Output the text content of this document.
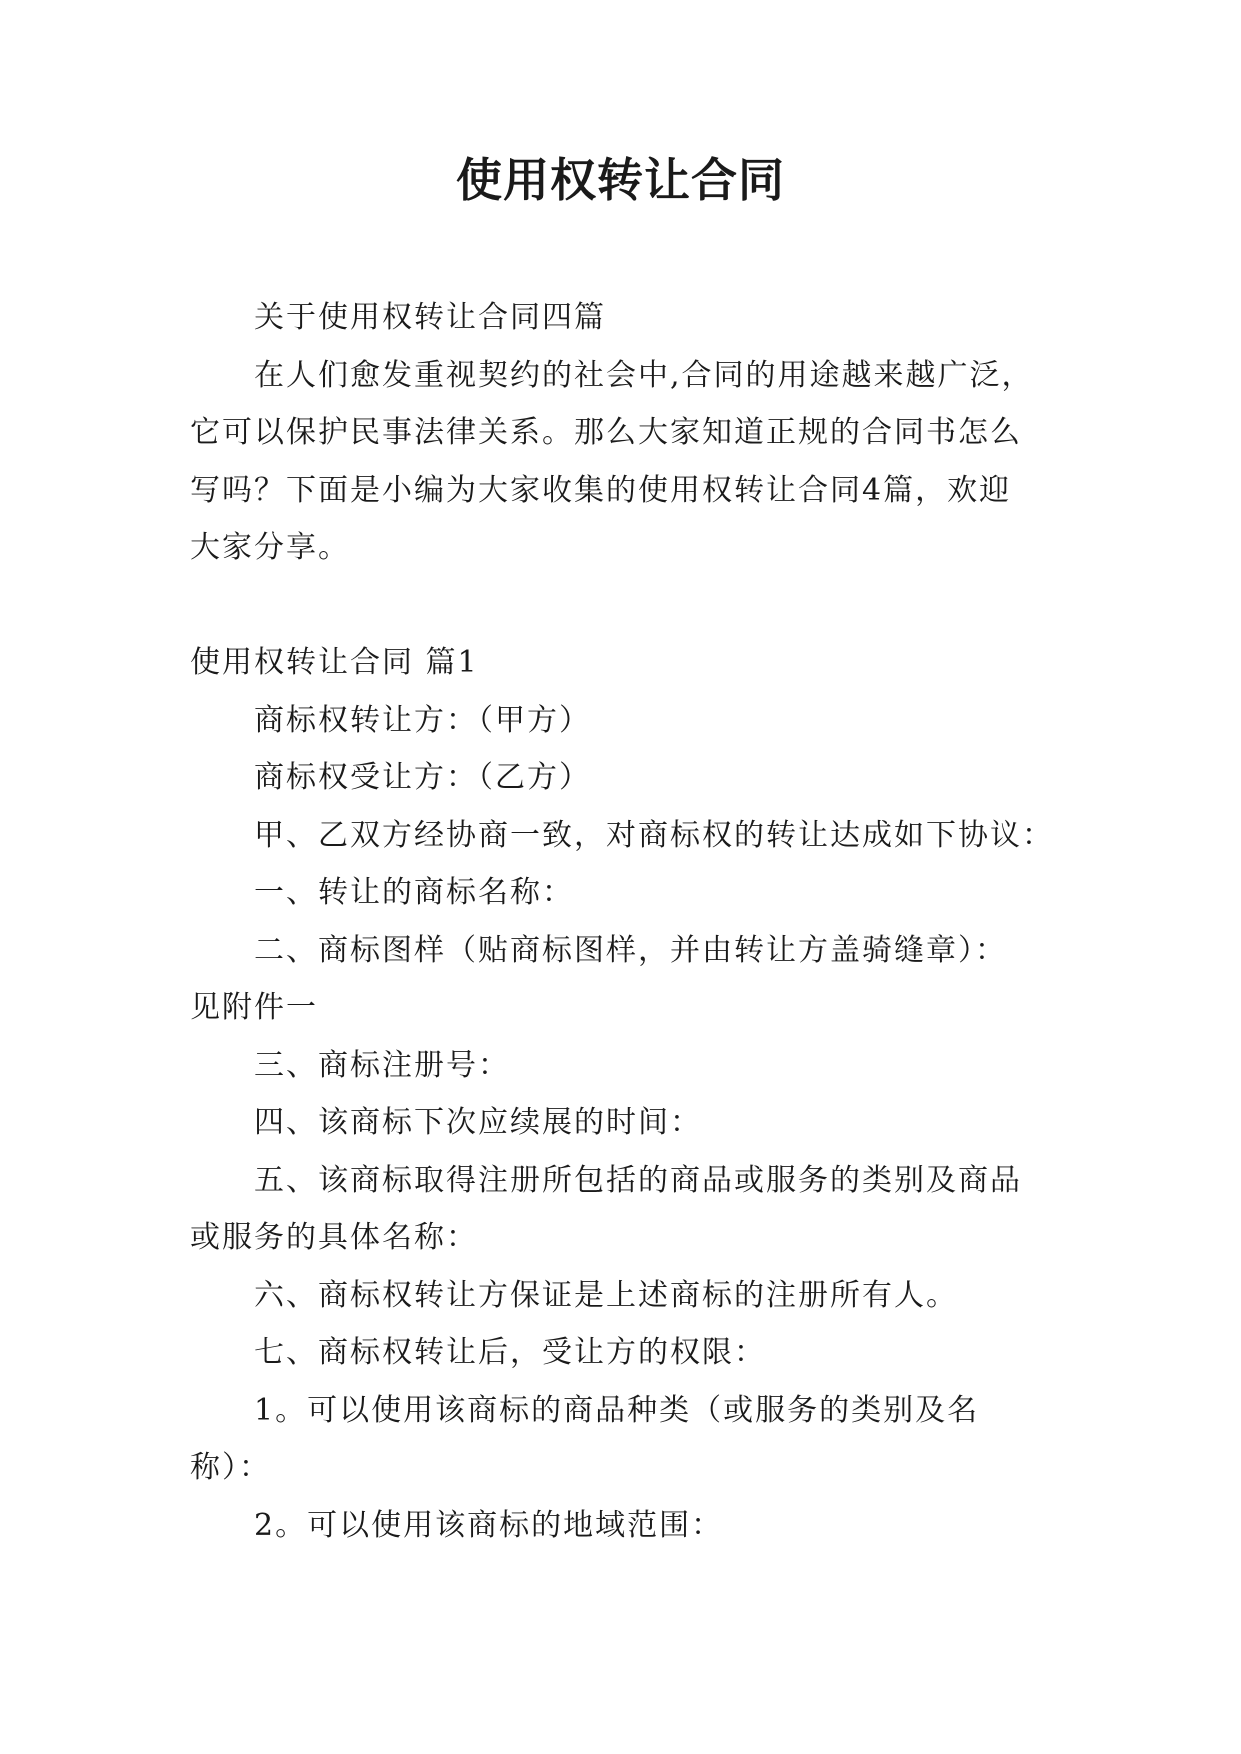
使用权转让合同
关于使用权转让合同四篇
在人们愈发重视契约的社会中,合同的用途越来越广泛，
它可以保护民事法律关系。那么大家知道正规的合同书怎么
写吗？下面是小编为大家收集的使用权转让合同4篇，欢迎
大家分享。
使用权转让合同 篇1
商标权转让方：（甲方）
商标权受让方：（乙方）
甲、乙双方经协商一致，对商标权的转让达成如下协议：
一、转让的商标名称：
二、商标图样（贴商标图样，并由转让方盖骑缝章）：
见附件一
三、商标注册号：
四、该商标下次应续展的时间：
五、该商标取得注册所包括的商品或服务的类别及商品
或服务的具体名称：
六、商标权转让方保证是上述商标的注册所有人。
七、商标权转让后，受让方的权限：
1。可以使用该商标的商品种类（或服务的类别及名
称）：
2。可以使用该商标的地域范围：
